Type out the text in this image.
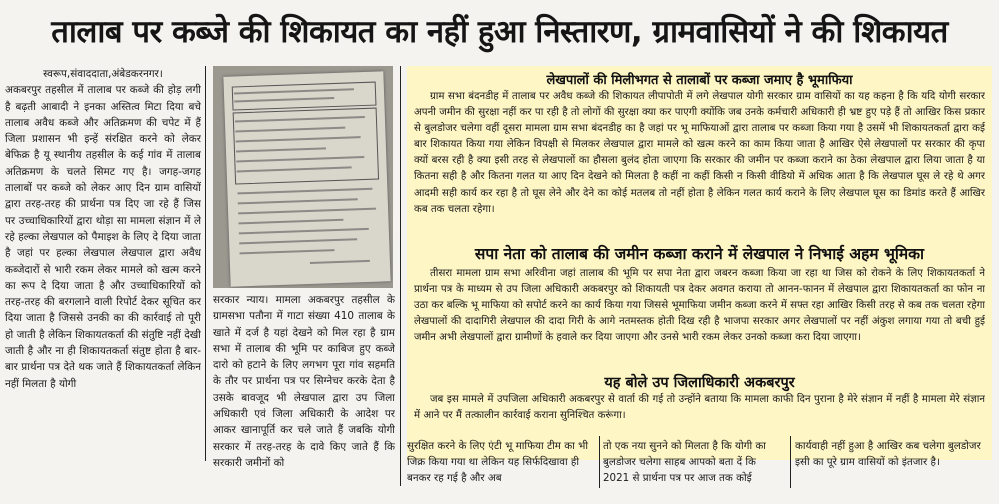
तालाब पर कब्जे की शिकायत का नहीं हुआ निस्तारण, ग्रामवासियों ने की शिकायत

स्वरूप,संवाददाता,अंबेडकरनगर।

अकबरपुर तहसील में तालाब पर कब्जे की होड़ लगी है बढ़ती आबादी ने इनका अस्तित्व मिटा दिया बचे तालाब अवैध कब्जे और अतिक्रमण की चपेट में हैं जिला प्रशासन भी इन्हें संरक्षित करने को लेकर बेफिक्र है यू स्थानीय तहसील के कई गांव में तालाब अतिक्रमण के चलते सिमट गए है। जगह-जगह तालाबों पर कब्जे को लेकर आए दिन ग्राम वासियों द्वारा तरह-तरह की प्रार्थना पत्र दिए जा रहे हैं जिस पर उच्चाधिकारियों द्वारा थोड़ा सा मामला संज्ञान में ले रहे हल्का लेखपाल को पैमाइश के लिए दे दिया जाता है जहां पर हल्का लेखपाल लेखपाल द्वारा अवैध कब्जेदारों से भारी रकम लेकर मामले को खत्म करने का रूप दे दिया जाता है और उच्चाधिकारियों को तरह-तरह की बरगलाने वाली रिपोर्ट देकर सूचित कर दिया जाता है जिससे उनकी का की कार्रवाई तो पूरी हो जाती है लेकिन शिकायतकर्ता की संतुष्टि नहीं देखी जाती है और ना ही शिकायतकर्ता संतुष्ट होता है बार-बार प्रार्थना पत्र देते थक जाते हैं शिकायतकर्ता लेकिन नहीं मिलता है योगी

सरकार न्याय। मामला अकबरपुर तहसील के ग्रामसभा पतौना में गाटा संख्या 410 तालाब के खाते में दर्ज है यहां देखने को मिल रहा है ग्राम सभा में तालाब की भूमि पर काबिज हुए कब्जे दारो को हटाने के लिए लगभग पूरा गांव सहमति के तौर पर प्रार्थना पत्र पर सिग्नेचर करके देता है उसके बावजूद भी लेखपाल द्वारा उप जिला अधिकारी एवं जिला अधिकारी के आदेश पर आकर खानापूर्ति कर चले जाते हैं जबकि योगी सरकार में तरह-तरह के दावे किए जाते हैं कि सरकारी जमीनों को

लेखपालों की मिलीभगत से तालाबों पर कब्जा जमाए है भूमाफिया

ग्राम सभा बंदनडीह में तालाब पर अवैध कब्जे की शिकायत लीपापोती में लगे लेखपाल योगी सरकार ग्राम वासियों का यह कहना है कि यदि योगी सरकार अपनी जमीन की सुरक्षा नहीं कर पा रही है तो लोगों की सुरक्षा क्या कर पाएगी क्योंकि जब उनके कर्मचारी अधिकारी ही भ्रष्ट हुए पड़े हैं तो आखिर किस प्रकार से बुलडोजर चलेगा वहीं दूसरा मामला ग्राम सभा बंदनडीह का है जहां पर भू माफियाओं द्वारा तालाब पर कब्जा किया गया है उसमें भी शिकायतकर्ता द्वारा कई बार शिकायत किया गया लेकिन विपक्षी से मिलकर लेखपाल द्वारा मामले को खत्म करने का काम किया जाता है आखिर ऐसे लेखपालों पर सरकार की कृपा क्यों बरस रही है क्या इसी तरह से लेखपालों का हौसला बुलंद होता जाएगा कि सरकार की जमीन पर कब्जा कराने का ठेका लेखपाल द्वारा लिया जाता है या कितना सही है और कितना गलत या आए दिन देखने को मिलता है कहीं ना कहीं किसी न किसी वीडियो में अधिक आता है कि लेखपाल घूस ले रहे थे अगर आदमी सही कार्य कर रहा है तो घूस लेने और देने का कोई मतलब तो नहीं होता है लेकिन गलत कार्य कराने के लिए लेखपाल घूस का डिमांड करते हैं आखिर कब तक चलता रहेगा।

सपा नेता को तालाब की जमीन कब्जा कराने में लेखपाल ने निभाई अहम भूमिका

तीसरा मामला ग्राम सभा अरिवीना जहां तालाब की भूमि पर सपा नेता द्वारा जबरन कब्जा किया जा रहा था जिस को रोकने के लिए शिकायतकर्ता ने प्रार्थना पत्र के माध्यम से उप जिला अधिकारी अकबरपुर को शिकायती पत्र देकर अवगत कराया तो आनन-फानन में लेखपाल द्वारा शिकायतकर्ता का फोन ना उठा कर बल्कि भू माफिया को सपोर्ट करने का कार्य किया गया जिससे भूमाफिया जमीन कब्जा करने में सफ्त रहा आखिर किसी तरह से कब तक चलता रहेगा लेखपालों की दादागिरी लेखपाल की दादा गिरी के आगे नतमस्तक होती दिख रही है भाजपा सरकार अगर लेखपालों पर नहीं अंकुश लगाया गया तो बची हुई जमीन अभी लेखपालों द्वारा ग्रामीणों के हवाले कर दिया जाएगा और उनसे भारी रकम लेकर उनको कब्जा करा दिया जाएगा।

यह बोले उप जिलाधिकारी अकबरपुर

जब इस मामले में उपजिला अधिकारी अकबरपुर से वार्ता की गई तो उन्होंने बताया कि मामला काफी दिन पुराना है मेरे संज्ञान में नहीं है मामला मेरे संज्ञान में आने पर मैं तत्कालीन कार्रवाई कराना सुनिश्चित करूंगा।

सुरक्षित करने के लिए एंटी भू माफिया टीम का भी जिक्र किया गया था लेकिन यह सिर्फदिखावा ही बनकर रह गई है और अब
तो एक नया सुनने को मिलता है कि योगी का बुलडोजर चलेगा साहब आपको बता दें कि 2021 से प्रार्थना पत्र पर आज तक कोई
कार्यवाही नहीं हुआ है आखिर कब चलेगा बुलडोजर इसी का पूरे ग्राम वासियों को इंतजार है।
